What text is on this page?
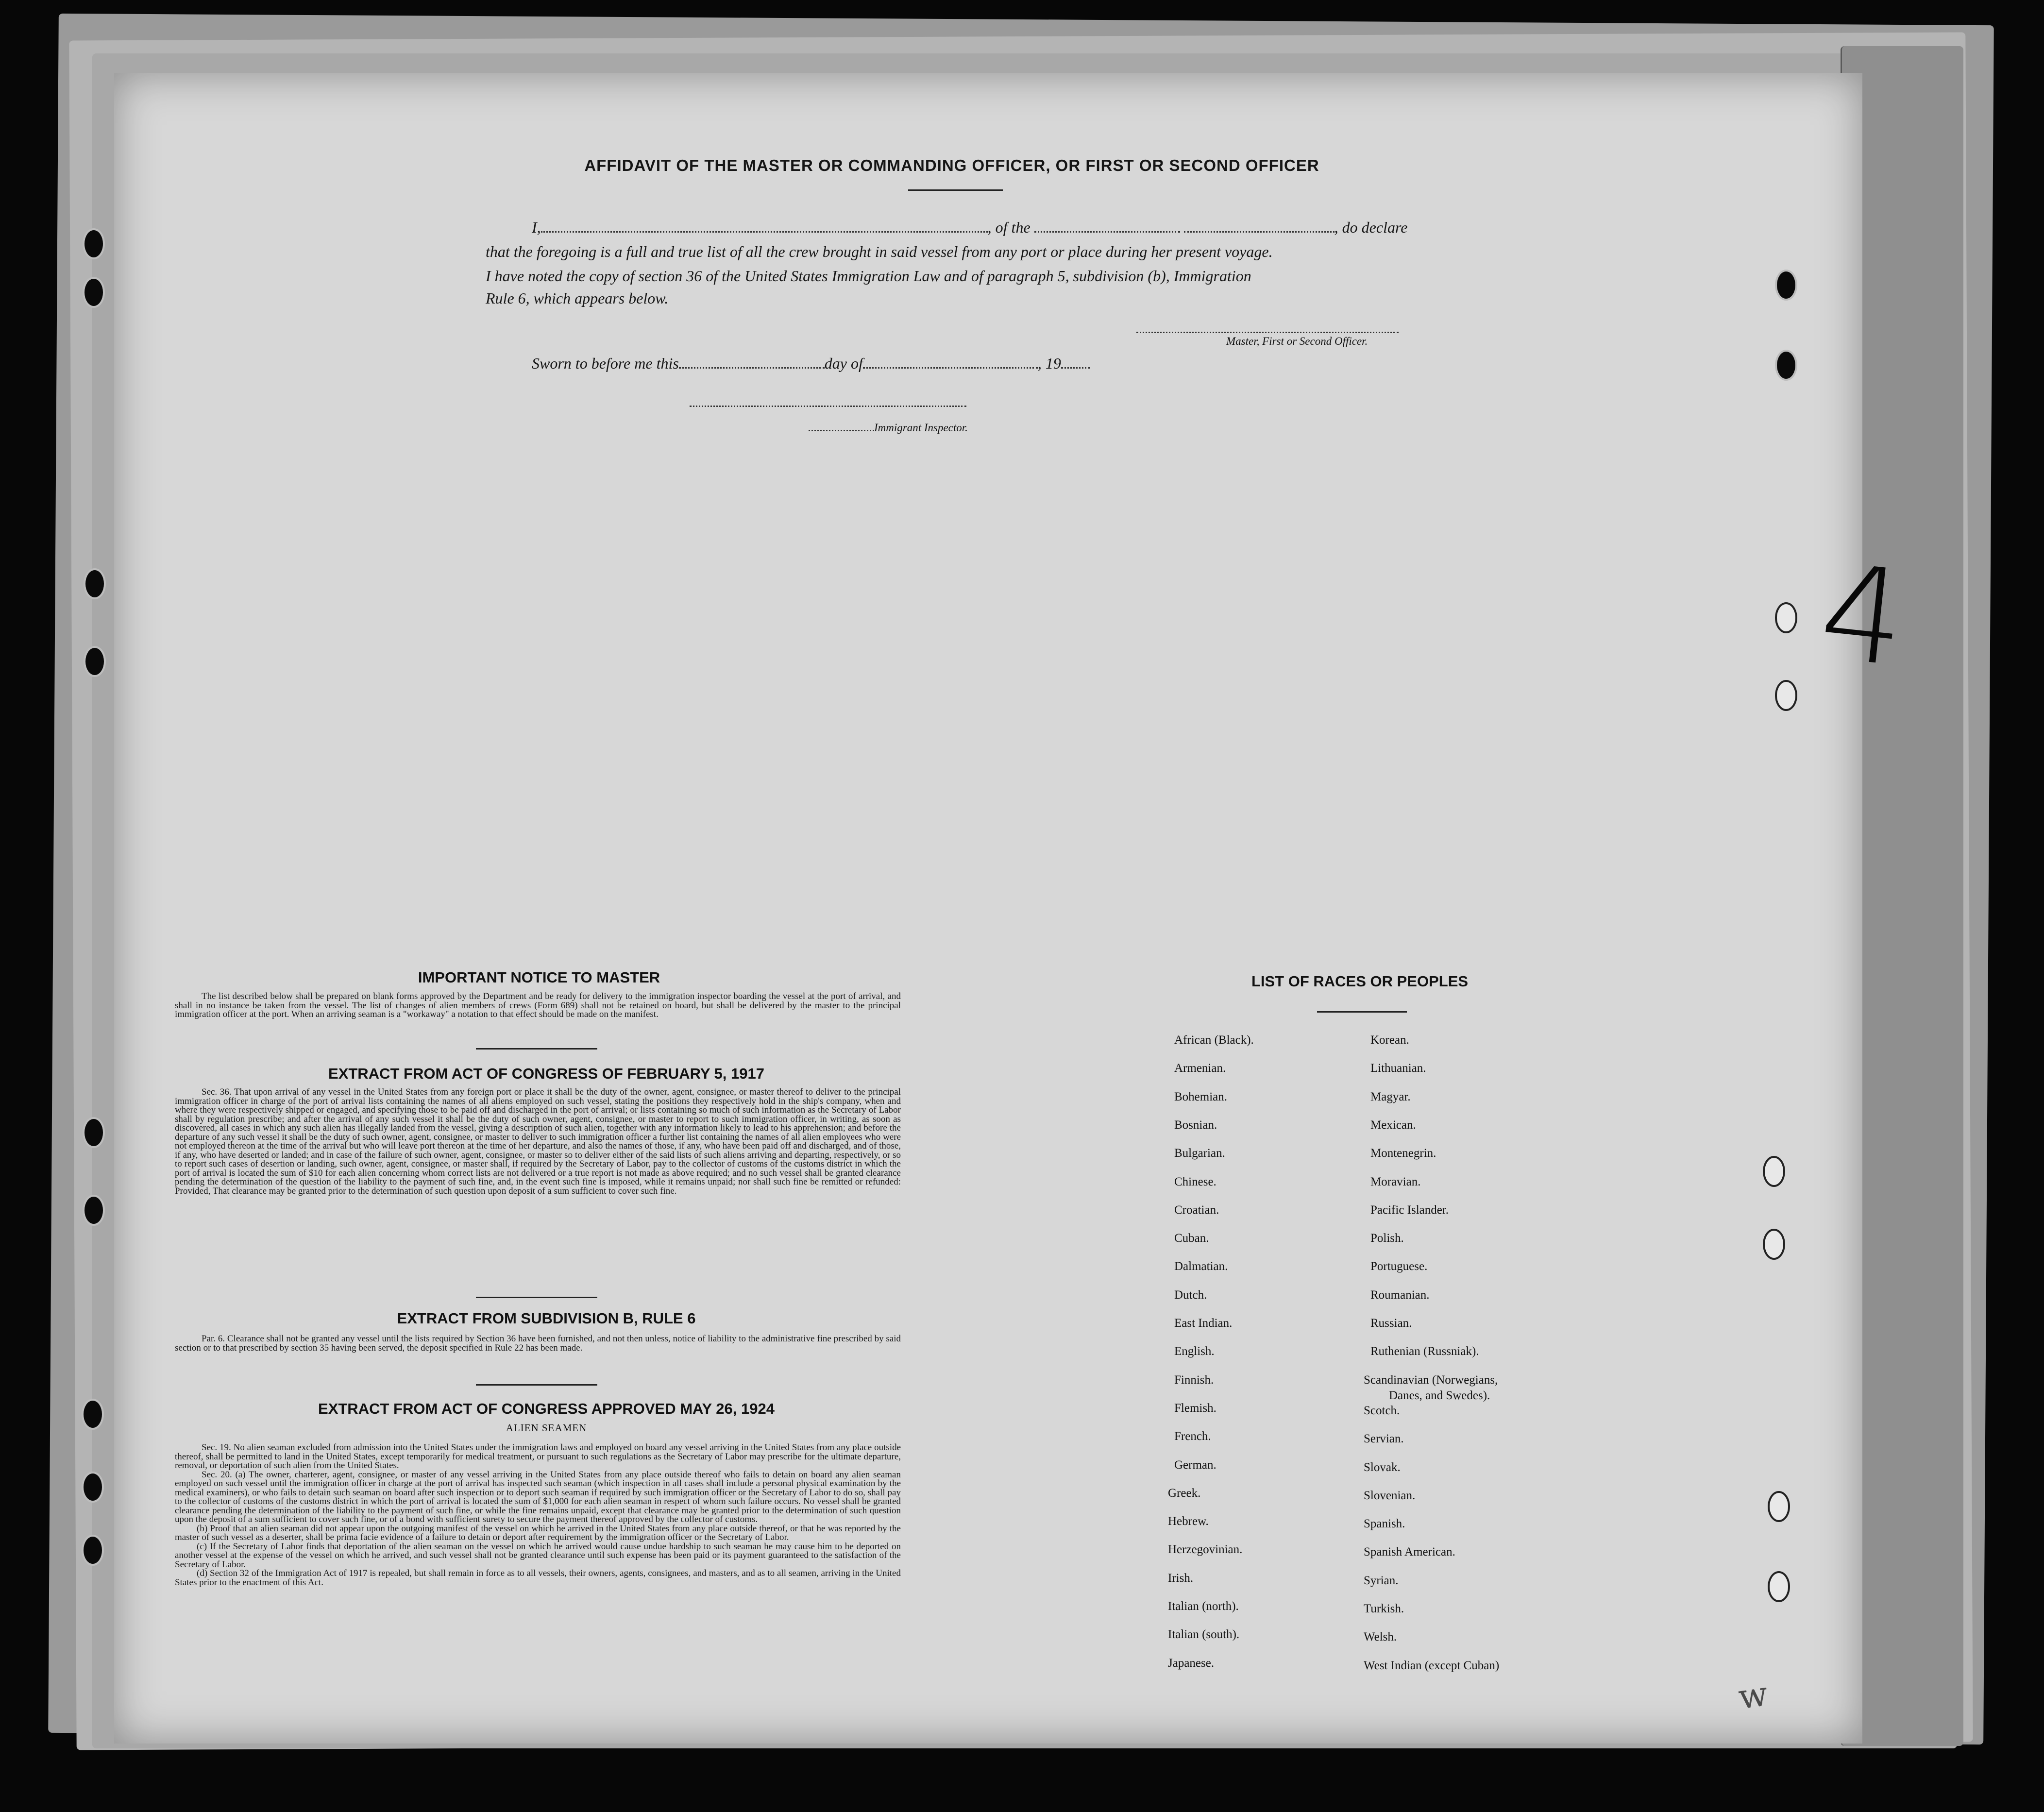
AFFIDAVIT OF THE MASTER OR COMMANDING OFFICER, OR FIRST OR SECOND OFFICER
I,	, of the	, do declare
that the foregoing is a full and true list of all the crew brought in said vessel from any port or place during her present voyage.
I have noted the copy of section 36 of the United States Immigration Law and of paragraph 5, subdivision (b), Immigration
Rule 6, which appears below.
Master, First or Second Officer.
Sworn to before me this	day of	, 19
Immigrant Inspector.
IMPORTANT NOTICE TO MASTER
The list described below shall be prepared on blank forms approved by the Department and be ready for delivery to the immigration inspector boarding the vessel at the port of arrival, and shall in no instance be taken from the vessel. The list of changes of alien members of crews (Form 689) shall not be retained on board, but shall be delivered by the master to the principal immigration officer at the port. When an arriving seaman is a "workaway" a notation to that effect should be made on the manifest.
EXTRACT FROM ACT OF CONGRESS OF FEBRUARY 5, 1917
Sec. 36. That upon arrival of any vessel in the United States from any foreign port or place it shall be the duty of the owner, agent, consignee, or master thereof to deliver to the principal immigration officer in charge of the port of arrival lists containing the names of all aliens employed on such vessel, stating the positions they respectively hold in the ship's company, when and where they were respectively shipped or engaged, and specifying those to be paid off and discharged in the port of arrival; or lists containing so much of such information as the Secretary of Labor shall by regulation prescribe; and after the arrival of any such vessel it shall be the duty of such owner, agent, consignee, or master to report to such immigration officer, in writing, as soon as discovered, all cases in which any such alien has illegally landed from the vessel, giving a description of such alien, together with any information likely to lead to his apprehension; and before the departure of any such vessel it shall be the duty of such owner, agent, consignee, or master to deliver to such immigration officer a further list containing the names of all alien employees who were not employed thereon at the time of the arrival but who will leave port thereon at the time of her departure, and also the names of those, if any, who have been paid off and discharged, and of those, if any, who have deserted or landed; and in case of the failure of such owner, agent, consignee, or master so to deliver either of the said lists of such aliens arriving and departing, respectively, or so to report such cases of desertion or landing, such owner, agent, consignee, or master shall, if required by the Secretary of Labor, pay to the collector of customs of the customs district in which the port of arrival is located the sum of $10 for each alien concerning whom correct lists are not delivered or a true report is not made as above required; and no such vessel shall be granted clearance pending the determination of the question of the liability to the payment of such fine, and, in the event such fine is imposed, while it remains unpaid; nor shall such fine be remitted or refunded: Provided, That clearance may be granted prior to the determination of such question upon deposit of a sum sufficient to cover such fine.
EXTRACT FROM SUBDIVISION B, RULE 6
Par. 6. Clearance shall not be granted any vessel until the lists required by Section 36 have been furnished, and not then unless, notice of liability to the administrative fine prescribed by said section or to that prescribed by section 35 having been served, the deposit specified in Rule 22 has been made.
EXTRACT FROM ACT OF CONGRESS APPROVED MAY 26, 1924
ALIEN SEAMEN

Sec. 19. No alien seaman excluded from admission into the United States under the immigration laws and employed on board any vessel arriving in the United States from any place outside thereof, shall be permitted to land in the United States, except temporarily for medical treatment, or pursuant to such regulations as the Secretary of Labor may prescribe for the ultimate departure, removal, or deportation of such alien from the United States.

Sec. 20. (a) The owner, charterer, agent, consignee, or master of any vessel arriving in the United States from any place outside thereof who fails to detain on board any alien seaman employed on such vessel until the immigration officer in charge at the port of arrival has inspected such seaman (which inspection in all cases shall include a personal physical examination by the medical examiners), or who fails to detain such seaman on board after such inspection or to deport such seaman if required by such immigration officer or the Secretary of Labor to do so, shall pay to the collector of customs of the customs district in which the port of arrival is located the sum of $1,000 for each alien seaman in respect of whom such failure occurs. No vessel shall be granted clearance pending the determination of the liability to the payment of such fine, or while the fine remains unpaid, except that clearance may be granted prior to the determination of such question upon the deposit of a sum sufficient to cover such fine, or of a bond with sufficient surety to secure the payment thereof approved by the collector of customs.

(b) Proof that an alien seaman did not appear upon the outgoing manifest of the vessel on which he arrived in the United States from any place outside thereof, or that he was reported by the master of such vessel as a deserter, shall be prima facie evidence of a failure to detain or deport after requirement by the immigration officer or the Secretary of Labor.

(c) If the Secretary of Labor finds that deportation of the alien seaman on the vessel on which he arrived would cause undue hardship to such seaman he may cause him to be deported on another vessel at the expense of the vessel on which he arrived, and such vessel shall not be granted clearance until such expense has been paid or its payment guaranteed to the satisfaction of the Secretary of Labor.

(d) Section 32 of the Immigration Act of 1917 is repealed, but shall remain in force as to all vessels, their owners, agents, consignees, and masters, and as to all seamen, arriving in the United States prior to the enactment of this Act.

LIST OF RACES OR PEOPLES
African (Black).
Armenian.
Bohemian.
Bosnian.
Bulgarian.
Chinese.
Croatian.
Cuban.
Dalmatian.
Dutch.
East Indian.
English.
Finnish.
Flemish.
French.
German.
Greek.
Hebrew.
Herzegovinian.
Irish.
Italian (north).
Italian (south).
Japanese.
Korean.
Lithuanian.
Magyar.
Mexican.
Montenegrin.
Moravian.
Pacific Islander.
Polish.
Portuguese.
Roumanian.
Russian.
Ruthenian (Russniak).
Scandinavian (Norwegians,
Scotch.
Servian.
Slovak.
Slovenian.
Spanish.
Spanish American.
Syrian.
Turkish.
Welsh.
West Indian (except Cuban)
Danes, and Swedes).
4
w
